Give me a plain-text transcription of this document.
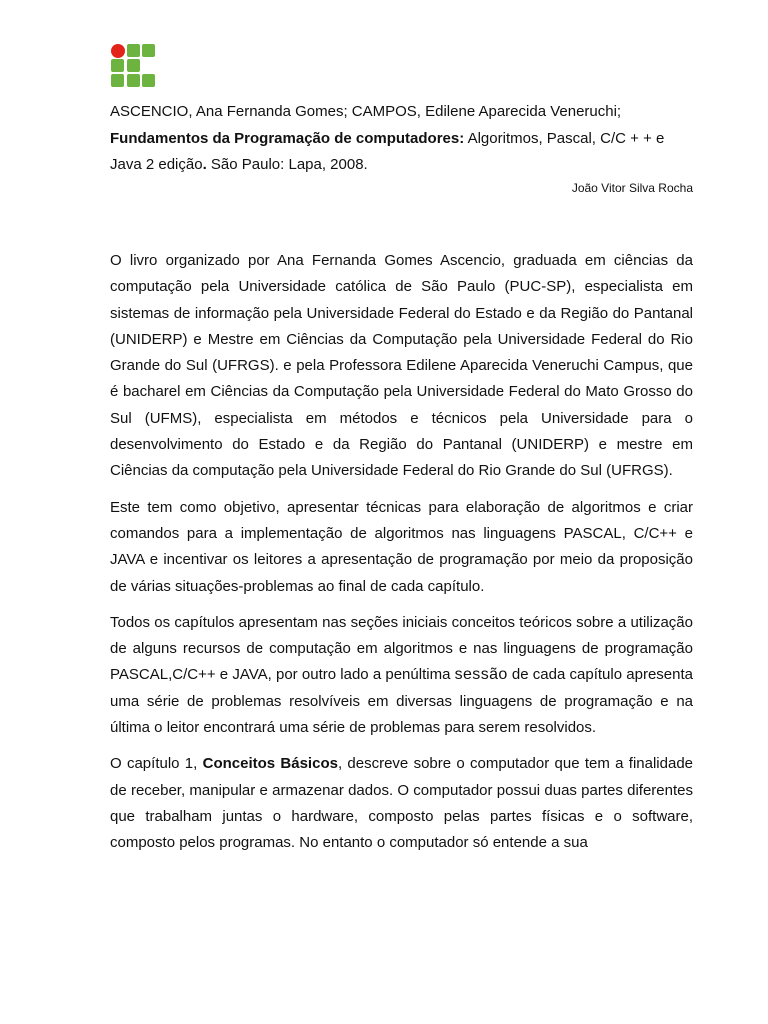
ASCENCIO, Ana Fernanda Gomes; CAMPOS, Edilene Aparecida Veneruchi;
Fundamentos da Programação de computadores: Algoritmos, Pascal, C/C + + e
Java 2 edição. São Paulo: Lapa, 2008.
João Vitor Silva Rocha

O livro organizado por Ana Fernanda Gomes Ascencio, graduada em ciências da computação pela Universidade católica de São Paulo (PUC-SP), especialista em sistemas de informação pela Universidade Federal do Estado e da Região do Pantanal (UNIDERP) e Mestre em Ciências da Computação pela Universidade Federal do Rio Grande do Sul (UFRGS). e pela Professora Edilene Aparecida Veneruchi Campus, que é bacharel em Ciências da Computação pela Universidade Federal do Mato Grosso do Sul (UFMS), especialista em métodos e técnicos pela Universidade para o desenvolvimento do Estado e da Região do Pantanal (UNIDERP) e mestre em Ciências da computação pela Universidade Federal do Rio Grande do Sul (UFRGS).

Este tem como objetivo, apresentar técnicas para elaboração de algoritmos e criar comandos para a implementação de algoritmos nas linguagens PASCAL, C/C++ e JAVA e incentivar os leitores a apresentação de programação por meio da proposição de várias situações-problemas ao final de cada capítulo.

Todos os capítulos apresentam nas seções iniciais conceitos teóricos sobre a utilização de alguns recursos de computação em algoritmos e nas linguagens de programação PASCAL,C/C++ e JAVA, por outro lado a penúltima sessão de cada capítulo apresenta uma série de problemas resolvíveis em diversas linguagens de programação e na última o leitor encontrará uma série de problemas para serem resolvidos.

O capítulo 1, Conceitos Básicos, descreve sobre o computador que tem a finalidade de receber, manipular e armazenar dados. O computador possui duas partes diferentes que trabalham juntas o hardware, composto pelas partes físicas e o software, composto pelos programas. No entanto o computador só entende a sua
